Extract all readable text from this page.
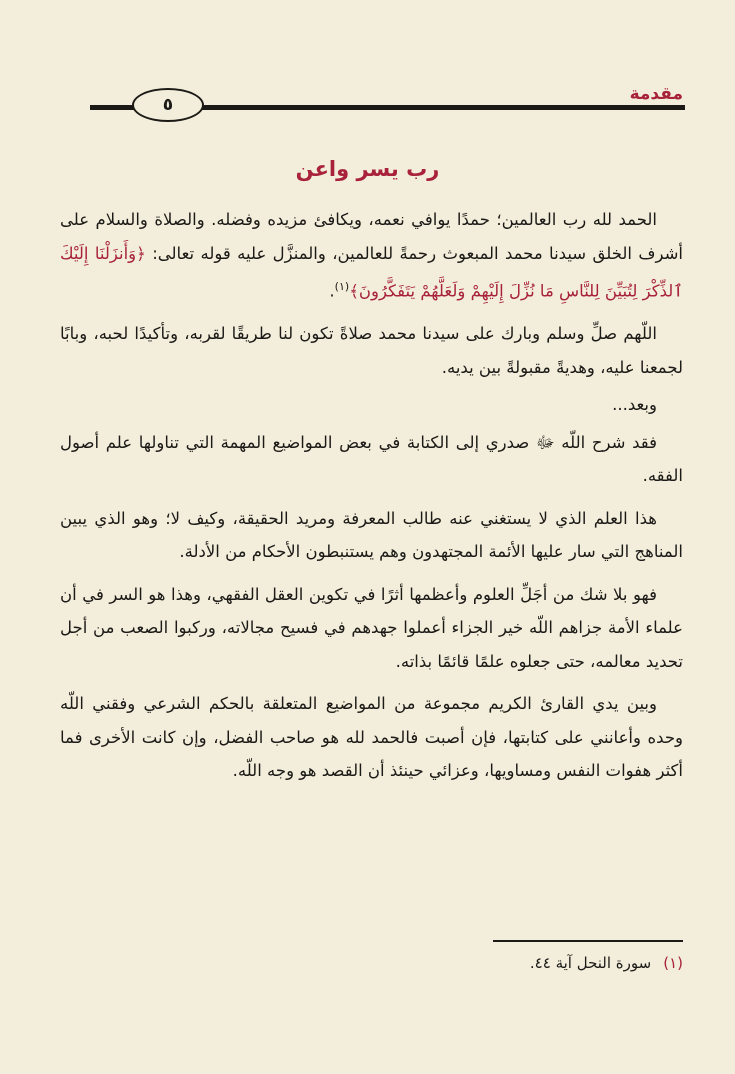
مقدمة
٥
رب يسر واعن

الحمد لله رب العالمين؛ حمدًا يوافي نعمه، ويكافئ مزيده وفضله. والصلاة والسلام على أشرف الخلق سيدنا محمد المبعوث رحمةً للعالمين، والمنزَّل عليه قوله تعالى: ﴿وَأَنزَلْنَا إِلَيْكَ ٱلذِّكْرَ لِتُبَيِّنَ لِلنَّاسِ مَا نُزِّلَ إِلَيْهِمْ وَلَعَلَّهُمْ يَتَفَكَّرُونَ﴾$^{(١)}$.

اللّهم صلِّ وسلم وبارك على سيدنا محمد صلاةً تكون لنا طريقًا لقربه، وتأكيدًا لحبه، وبابًا لجمعنا عليه، وهديةً مقبولةً بين يديه.

وبعد...

فقد شرح اللّه ﷻ صدري إلى الكتابة في بعض المواضيع المهمة التي تناولها علم أصول الفقه.

هذا العلم الذي لا يستغني عنه طالب المعرفة ومريد الحقيقة، وكيف لا؛ وهو الذي يبين المناهج التي سار عليها الأئمة المجتهدون وهم يستنبطون الأحكام من الأدلة.

فهو بلا شك من أجَلِّ العلوم وأعظمها أثرًا في تكوين العقل الفقهي، وهذا هو السر في أن علماء الأمة جزاهم اللّه خير الجزاء أعملوا جهدهم في فسيح مجالاته، وركبوا الصعب من أجل تحديد معالمه، حتى جعلوه علمًا قائمًا بذاته.

وبين يدي القارئ الكريم مجموعة من المواضيع المتعلقة بالحكم الشرعي وفقني اللّه وحده وأعانني على كتابتها، فإن أصبت فالحمد لله هو صاحب الفضل، وإن كانت الأخرى فما أكثر هفوات النفس ومساويها، وعزائي حينئذ أن القصد هو وجه اللّه.

(١)سورة النحل آية ٤٤.
